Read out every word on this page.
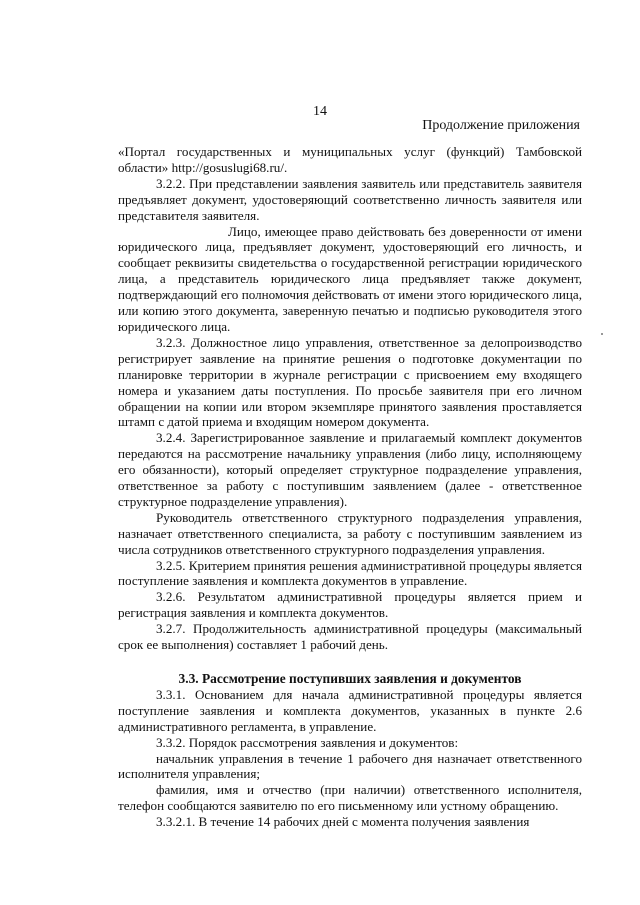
14
Продолжение приложения

«Портал государственных и муниципальных услуг (функций) Тамбовской области» http://gosuslugi68.ru/.

3.2.2. При представлении заявления заявитель или представитель заявителя предъявляет документ, удостоверяющий соответственно личность заявителя или представителя заявителя.

Лицо, имеющее право действовать без доверенности от имени юридического лица, предъявляет документ, удостоверяющий его личность, и сообщает реквизиты свидетельства о государственной регистрации юридического лица, а представитель юридического лица предъявляет также документ, подтверждающий его полномочия действовать от имени этого юридического лица, или копию этого документа, заверенную печатью и подписью руководителя этого юридического лица.

3.2.3. Должностное лицо управления, ответственное за делопроизводство регистрирует заявление на принятие решения о подготовке документации по планировке территории в журнале регистрации с присвоением ему входящего номера и указанием даты поступления. По просьбе заявителя при его личном обращении на копии или втором экземпляре принятого заявления проставляется штамп с датой приема и входящим номером документа.

3.2.4. Зарегистрированное заявление и прилагаемый комплект документов передаются на рассмотрение начальнику управления (либо лицу, исполняющему его обязанности), который определяет структурное подразделение управления, ответственное за работу с поступившим заявлением (далее - ответственное структурное подразделение управления).

Руководитель ответственного структурного подразделения управления, назначает ответственного специалиста, за работу с поступившим заявлением из числа сотрудников ответственного структурного подразделения управления.

3.2.5. Критерием принятия решения административной процедуры является поступление заявления и комплекта документов в управление.

3.2.6. Результатом административной процедуры является прием и регистрация заявления и комплекта документов.

3.2.7. Продолжительность административной процедуры (максимальный срок ее выполнения) составляет 1 рабочий день.

3.3. Рассмотрение поступивших заявления и документов

3.3.1. Основанием для начала административной процедуры является поступление заявления и комплекта документов, указанных в пункте 2.6 административного регламента, в управление.

3.3.2. Порядок рассмотрения заявления и документов:

начальник управления в течение 1 рабочего дня назначает ответственного исполнителя управления;

фамилия, имя и отчество (при наличии) ответственного исполнителя, телефон сообщаются заявителю по его письменному или устному обращению.

3.3.2.1. В течение 14 рабочих дней с момента получения заявления
